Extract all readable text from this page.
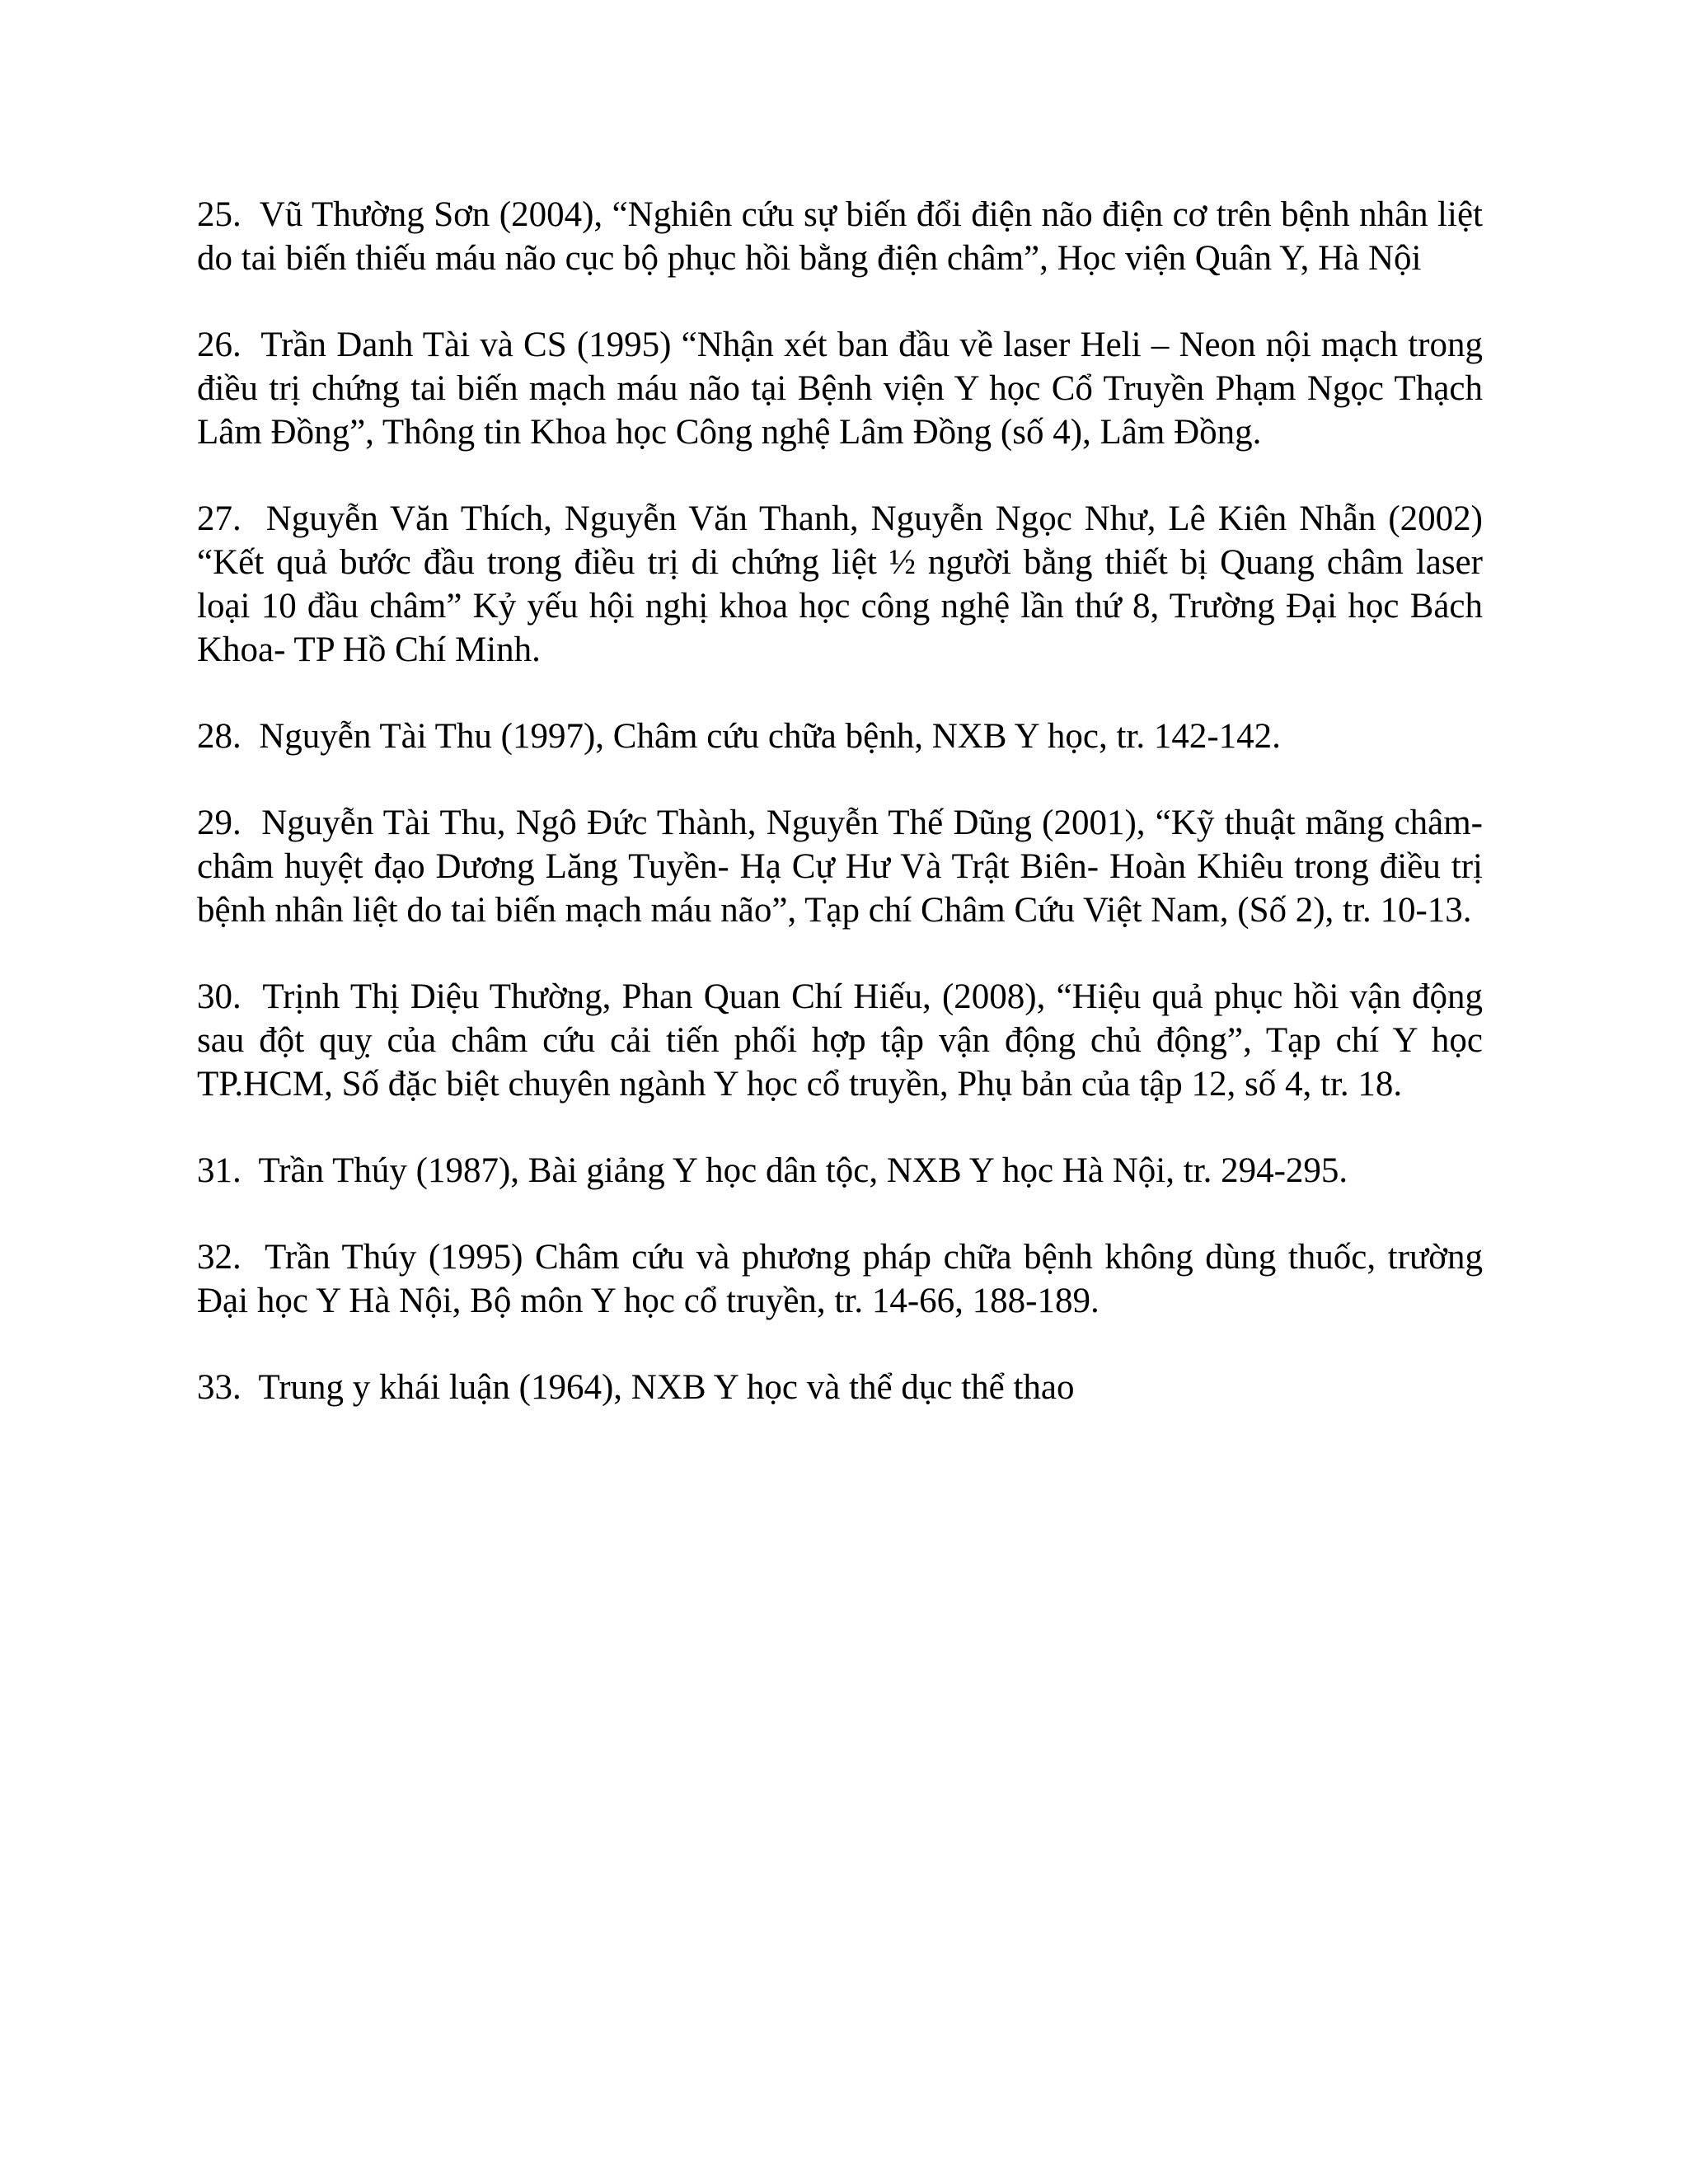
25. Vũ Thường Sơn (2004), “Nghiên cứu sự biến đổi điện não điện cơ trên bệnh nhân liệt do tai biến thiếu máu não cục bộ phục hồi bằng điện châm”, Học viện Quân Y, Hà Nội

26. Trần Danh Tài và CS (1995) “Nhận xét ban đầu về laser Heli – Neon nội mạch trong điều trị chứng tai biến mạch máu não tại Bệnh viện Y học Cổ Truyền Phạm Ngọc Thạch Lâm Đồng”, Thông tin Khoa học Công nghệ Lâm Đồng (số 4), Lâm Đồng.

27. Nguyễn Văn Thích, Nguyễn Văn Thanh, Nguyễn Ngọc Như, Lê Kiên Nhẫn (2002) “Kết quả bước đầu trong điều trị di chứng liệt ½ người bằng thiết bị Quang châm laser loại 10 đầu châm” Kỷ yếu hội nghị khoa học công nghệ lần thứ 8, Trường Đại học Bách Khoa- TP Hồ Chí Minh.

28. Nguyễn Tài Thu (1997), Châm cứu chữa bệnh, NXB Y học, tr. 142-142.

29. Nguyễn Tài Thu, Ngô Đức Thành, Nguyễn Thế Dũng (2001), “Kỹ thuật mãng châm- châm huyệt đạo Dương Lăng Tuyền- Hạ Cự Hư Và Trật Biên- Hoàn Khiêu trong điều trị bệnh nhân liệt do tai biến mạch máu não”, Tạp chí Châm Cứu Việt Nam, (Số 2), tr. 10-13.

30. Trịnh Thị Diệu Thường, Phan Quan Chí Hiếu, (2008), “Hiệu quả phục hồi vận động sau đột quỵ của châm cứu cải tiến phối hợp tập vận động chủ động”, Tạp chí Y học TP.HCM, Số đặc biệt chuyên ngành Y học cổ truyền, Phụ bản của tập 12, số 4, tr. 18.

31. Trần Thúy (1987), Bài giảng Y học dân tộc, NXB Y học Hà Nội, tr. 294-295.

32. Trần Thúy (1995) Châm cứu và phương pháp chữa bệnh không dùng thuốc, trường Đại học Y Hà Nội, Bộ môn Y học cổ truyền, tr. 14-66, 188-189.

33. Trung y khái luận (1964), NXB Y học và thể dục thể thao
